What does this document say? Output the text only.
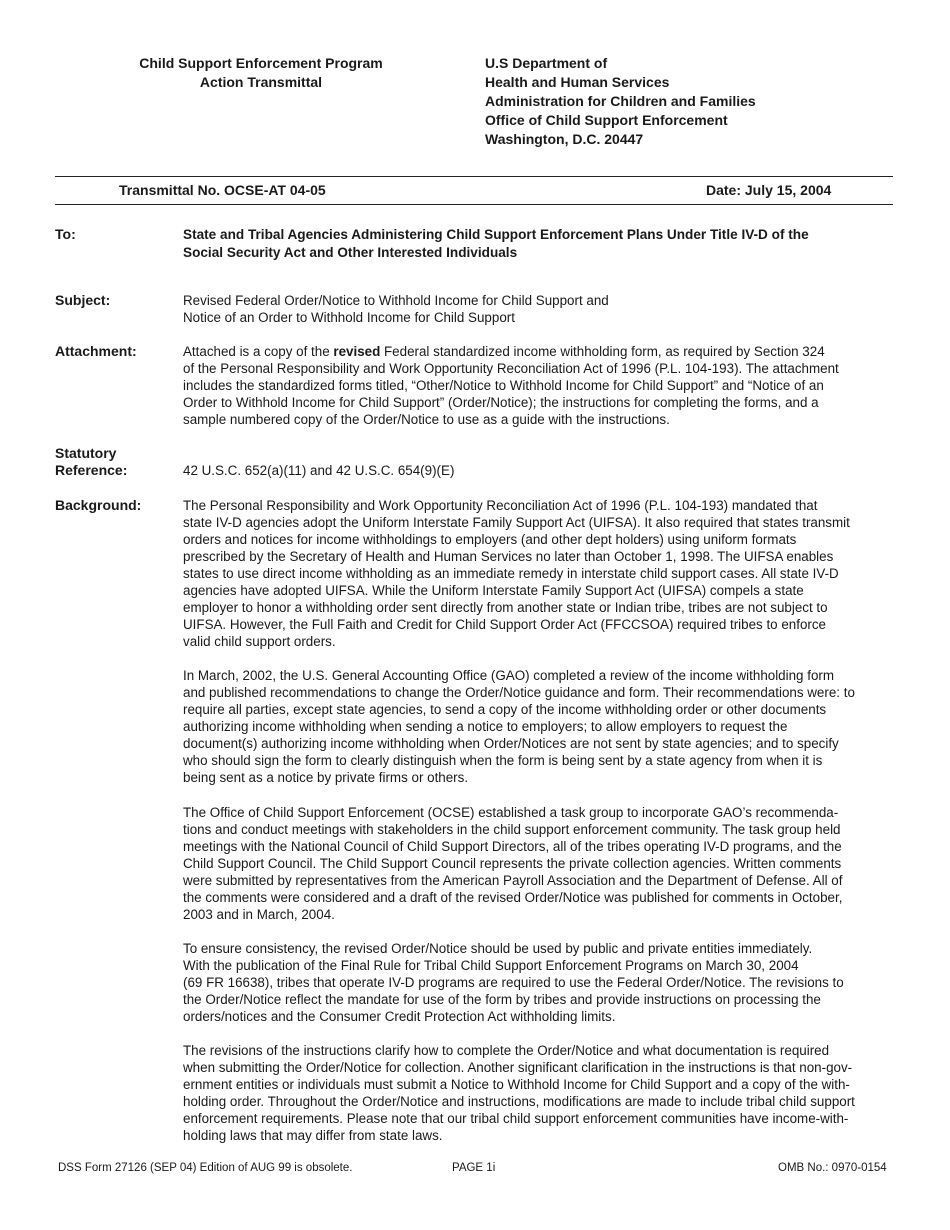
Child Support Enforcement Program
Action Transmittal
U.S Department of
Health and Human Services
Administration for Children and Families
Office of Child Support Enforcement
Washington, D.C. 20447
Transmittal No. OCSE-AT 04-05	Date: July 15, 2004
To:	State and Tribal Agencies Administering Child Support Enforcement Plans Under Title IV-D of the
Social Security Act and Other Interested Individuals
Subject:	Revised Federal Order/Notice to Withhold Income for Child Support and
Notice of an Order to Withhold Income for Child Support
Attachment:	Attached is a copy of the revised Federal standardized income withholding form, as required by Section 324
of the Personal Responsibility and Work Opportunity Reconciliation Act of 1996 (P.L. 104-193). The attachment
includes the standardized forms titled, “Other/Notice to Withhold Income for Child Support” and “Notice of an
Order to Withhold Income for Child Support” (Order/Notice); the instructions for completing the forms, and a
sample numbered copy of the Order/Notice to use as a guide with the instructions.
Statutory
Reference:	42 U.S.C. 652(a)(11) and 42 U.S.C. 654(9)(E)
Background:	The Personal Responsibility and Work Opportunity Reconciliation Act of 1996 (P.L. 104-193) mandated that
state IV-D agencies adopt the Uniform Interstate Family Support Act (UIFSA). It also required that states transmit
orders and notices for income withholdings to employers (and other dept holders) using uniform formats
prescribed by the Secretary of Health and Human Services no later than October 1, 1998. The UIFSA enables
states to use direct income withholding as an immediate remedy in interstate child support cases. All state IV-D
agencies have adopted UIFSA. While the Uniform Interstate Family Support Act (UIFSA) compels a state
employer to honor a withholding order sent directly from another state or Indian tribe, tribes are not subject to
UIFSA. However, the Full Faith and Credit for Child Support Order Act (FFCCSOA) required tribes to enforce
valid child support orders.
In March, 2002, the U.S. General Accounting Office (GAO) completed a review of the income withholding form
and published recommendations to change the Order/Notice guidance and form. Their recommendations were: to
require all parties, except state agencies, to send a copy of the income withholding order or other documents
authorizing income withholding when sending a notice to employers; to allow employers to request the
document(s) authorizing income withholding when Order/Notices are not sent by state agencies; and to specify
who should sign the form to clearly distinguish when the form is being sent by a state agency from when it is
being sent as a notice by private firms or others.
The Office of Child Support Enforcement (OCSE) established a task group to incorporate GAO’s recommenda-
tions and conduct meetings with stakeholders in the child support enforcement community. The task group held
meetings with the National Council of Child Support Directors, all of the tribes operating IV-D programs, and the
Child Support Council. The Child Support Council represents the private collection agencies. Written comments
were submitted by representatives from the American Payroll Association and the Department of Defense. All of
the comments were considered and a draft of the revised Order/Notice was published for comments in October,
2003 and in March, 2004.
To ensure consistency, the revised Order/Notice should be used by public and private entities immediately.
With the publication of the Final Rule for Tribal Child Support Enforcement Programs on March 30, 2004
(69 FR 16638), tribes that operate IV-D programs are required to use the Federal Order/Notice. The revisions to
the Order/Notice reflect the mandate for use of the form by tribes and provide instructions on processing the
orders/notices and the Consumer Credit Protection Act withholding limits.
The revisions of the instructions clarify how to complete the Order/Notice and what documentation is required
when submitting the Order/Notice for collection. Another significant clarification in the instructions is that non-gov-
ernment entities or individuals must submit a Notice to Withhold Income for Child Support and a copy of the with-
holding order. Throughout the Order/Notice and instructions, modifications are made to include tribal child support
enforcement requirements. Please note that our tribal child support enforcement communities have income-with-
holding laws that may differ from state laws.
DSS Form 27126 (SEP 04) Edition of AUG 99 is obsolete.	PAGE 1i	OMB No.: 0970-0154
